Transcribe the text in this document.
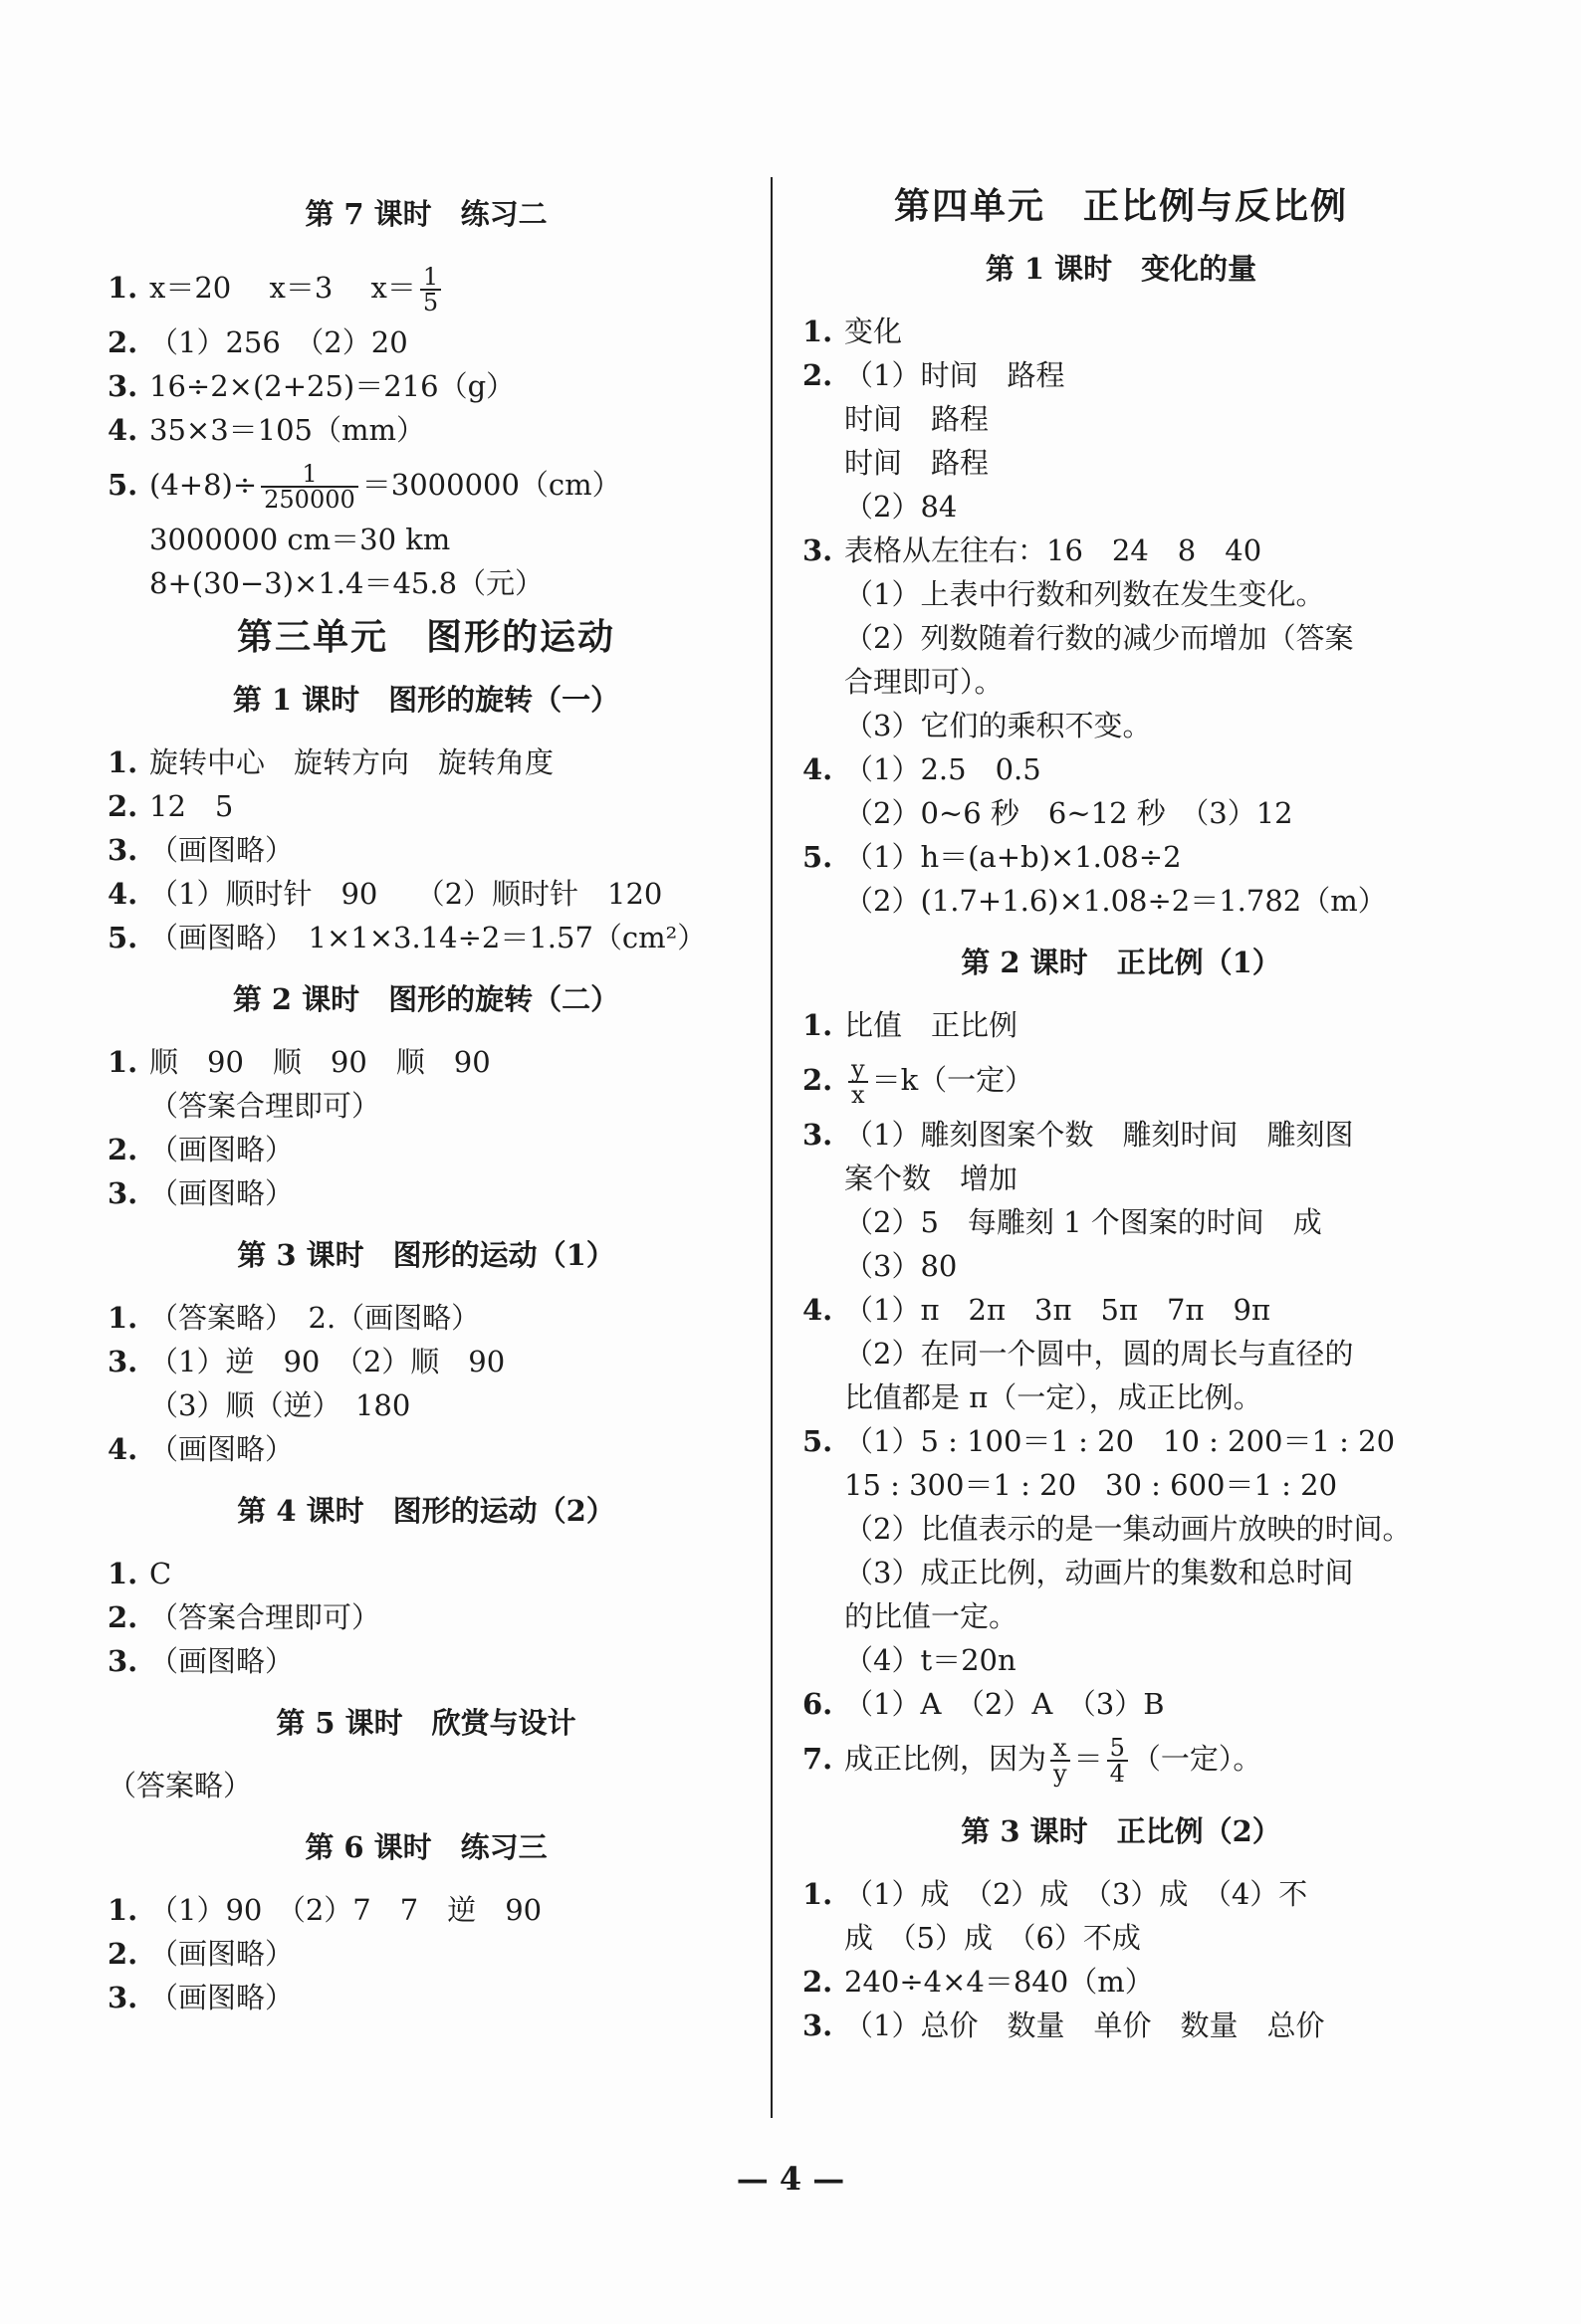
第 7 课时　练习二
1. x＝20　 x＝3　 $x= \frac{1}{5}$
2. （1）256　（2）20
3. 16÷2×(2+25)＝216（g）
4. 35×3＝105（mm）
5. $(4+8)\div \frac{1}{250000} =3000000(cm)$
3000000 cm＝30 km
8+(30−3)×1.4＝45.8（元）
第三单元　图形的运动
第 1 课时　图形的旋转（一）
1. 旋转中心　旋转方向　旋转角度
2. 12　5
3. （画图略）
4. （1）顺时针　90　 （2）顺时针　120
5. （画图略）　1×1×3.14÷2＝1.57（cm²）
第 2 课时　图形的旋转（二）
1. 顺　90　顺　90　顺　90
（答案合理即可）
2. （画图略）
3. （画图略）
第 3 课时　图形的运动（1）
1. （答案略）　2.（画图略）
3. （1）逆　90　（2）顺　90
（3）顺（逆）　180
4. （画图略）
第 4 课时　图形的运动（2）
1. C
2. （答案合理即可）
3. （画图略）
第 5 课时　欣赏与设计
（答案略）
第 6 课时　练习三
1. （1）90　（2）7　7　逆　90
2. （画图略）
3. （画图略）
第四单元　正比例与反比例
第 1 课时　变化的量
1. 变化
2. （1）时间　路程
时间　路程
时间　路程
（2）84
3. 表格从左往右：16　24　8　40
（1）上表中行数和列数在发生变化。
（2）列数随着行数的减少而增加（答案
合理即可）。
（3）它们的乘积不变。
4. （1）2.5　0.5
（2）0~6 秒　6~12 秒　（3）12
5. （1）h＝(a+b)×1.08÷2
（2）(1.7+1.6)×1.08÷2＝1.782（m）
第 2 课时　正比例（1）
1. 比值　正比例
2. $\frac{y}{x} =k$（一定）
3. （1）雕刻图案个数　雕刻时间　雕刻图
案个数　增加
（2）5　每雕刻 1 个图案的时间　成
（3）80
4. （1）π　2π　3π　5π　7π　9π
（2）在同一个圆中，圆的周长与直径的
比值都是 π（一定），成正比例。
5. （1）5 : 100＝1 : 20　10 : 200＝1 : 20
15 : 300＝1 : 20　30 : 600＝1 : 20
（2）比值表示的是一集动画片放映的时间。
（3）成正比例，动画片的集数和总时间
的比值一定。
（4）t＝20n
6. （1）A　（2）A　（3）B
7. 成正比例，因为 $\frac{x}{y} = \frac{5}{4}$ （一定）。
第 3 课时　正比例（2）
1. （1）成　（2）成　（3）成　（4）不
成　（5）成　（6）不成
2. 240÷4×4＝840（m）
3. （1）总价　数量　单价　数量　总价
— 4 —
